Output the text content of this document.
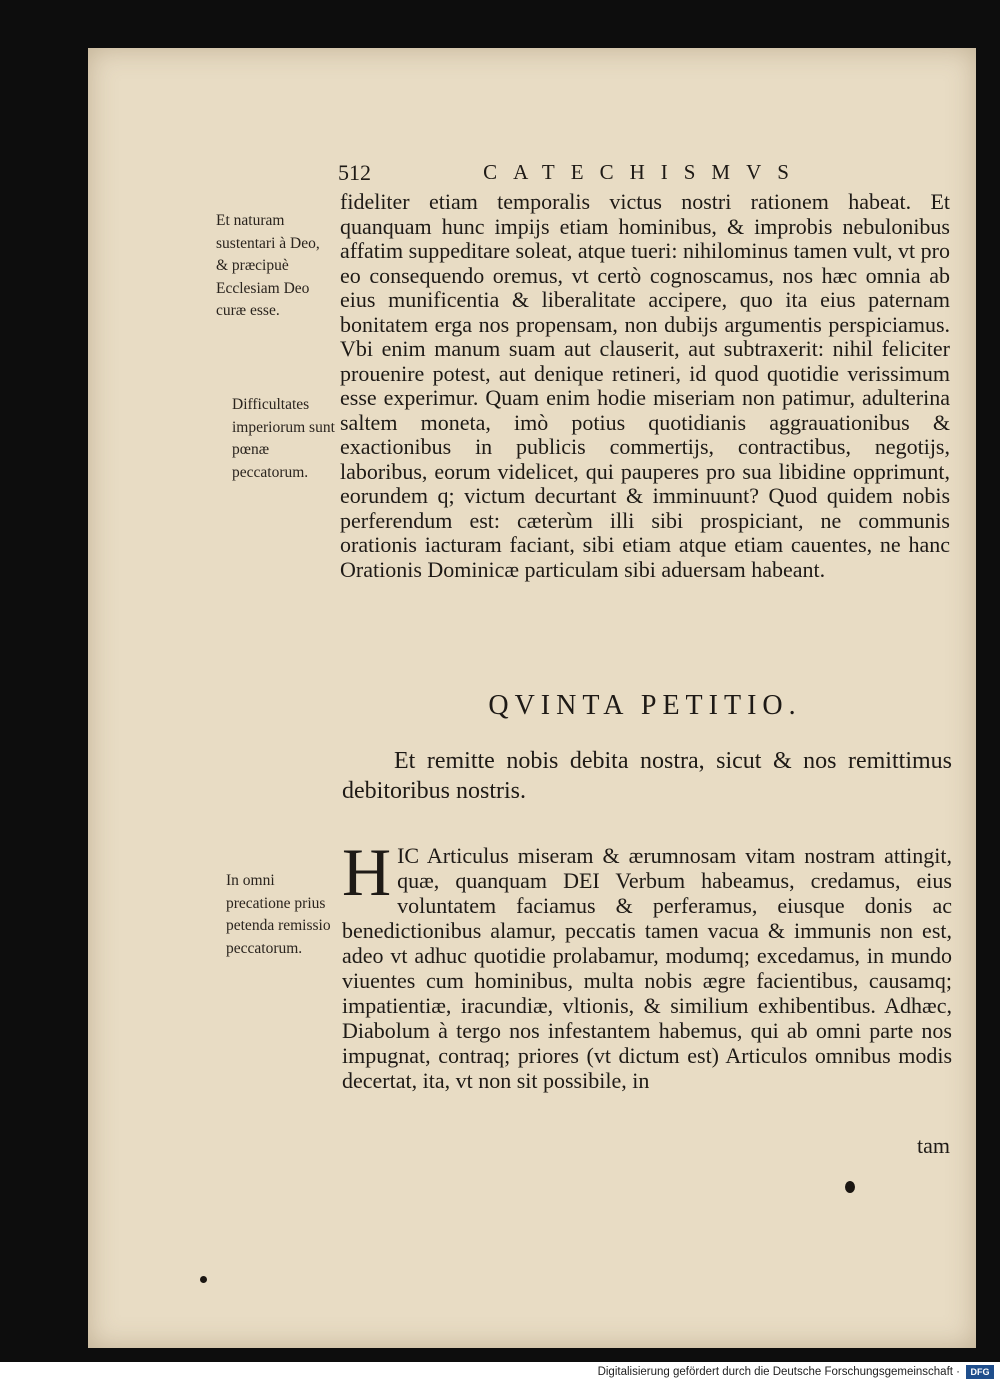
512	CATECHISMVS
fideliter etiam temporalis victus nostri rationem habeat. Et quanquam hunc impijs etiam hominibus, & improbis nebulonibus affatim suppeditare soleat, atque tueri: nihilominus tamen vult, vt pro eo consequendo oremus, vt certò cognoscamus, nos hæc omnia ab eius munificentia & liberalitate accipere, quo ita eius paternam bonitatem erga nos propensam, non dubijs argumentis perspiciamus. Vbi enim manum suam aut clauserit, aut subtraxerit: nihil feliciter prouenire potest, aut denique retineri, id quod quotidie verissimum esse experimur. Quam enim hodie miseriam non patimur, adulterina saltem moneta, imò potius quotidianis aggrauationibus & exactionibus in publicis commertijs, contractibus, negotijs, laboribus, eorum videlicet, qui pauperes pro sua libidine opprimunt, eorundem q; victum decurtant & imminuunt? Quod quidem nobis perferendum est: cæterùm illi sibi prospiciant, ne communis orationis iacturam faciant, sibi etiam atque etiam cauentes, ne hanc Orationis Dominicæ particulam sibi aduersam habeant.
Et naturam sustentari à Deo, & præcipuè Ecclesiam Deo curæ esse.
Difficultates imperiorum sunt pœnæ peccatorum.
In omni precatione prius petenda remissio peccatorum.
QVINTA PETITIO.
Et remitte nobis debita nostra, sicut & nos remittimus debitoribus nostris.
HIC Articulus miseram & ærumnosam vitam nostram attingit, quæ, quanquam DEI Verbum habeamus, credamus, eius voluntatem faciamus & perferamus, eiusque donis ac benedictionibus alamur, peccatis tamen vacua & immunis non est, adeo vt adhuc quotidie prolabamur, modumq; excedamus, in mundo viuentes cum hominibus, multa nobis ægre facientibus, causamq; impatientiæ, iracundiæ, vltionis, & similium exhibentibus. Adhæc, Diabolum à tergo nos infestantem habemus, qui ab omni parte nos impugnat, contraq; priores (vt dictum est) Articulos omnibus modis decertat, ita, vt non sit possibile, in
tam
Digitalisierung gefördert durch die Deutsche Forschungsgemeinschaft ·	DFG
